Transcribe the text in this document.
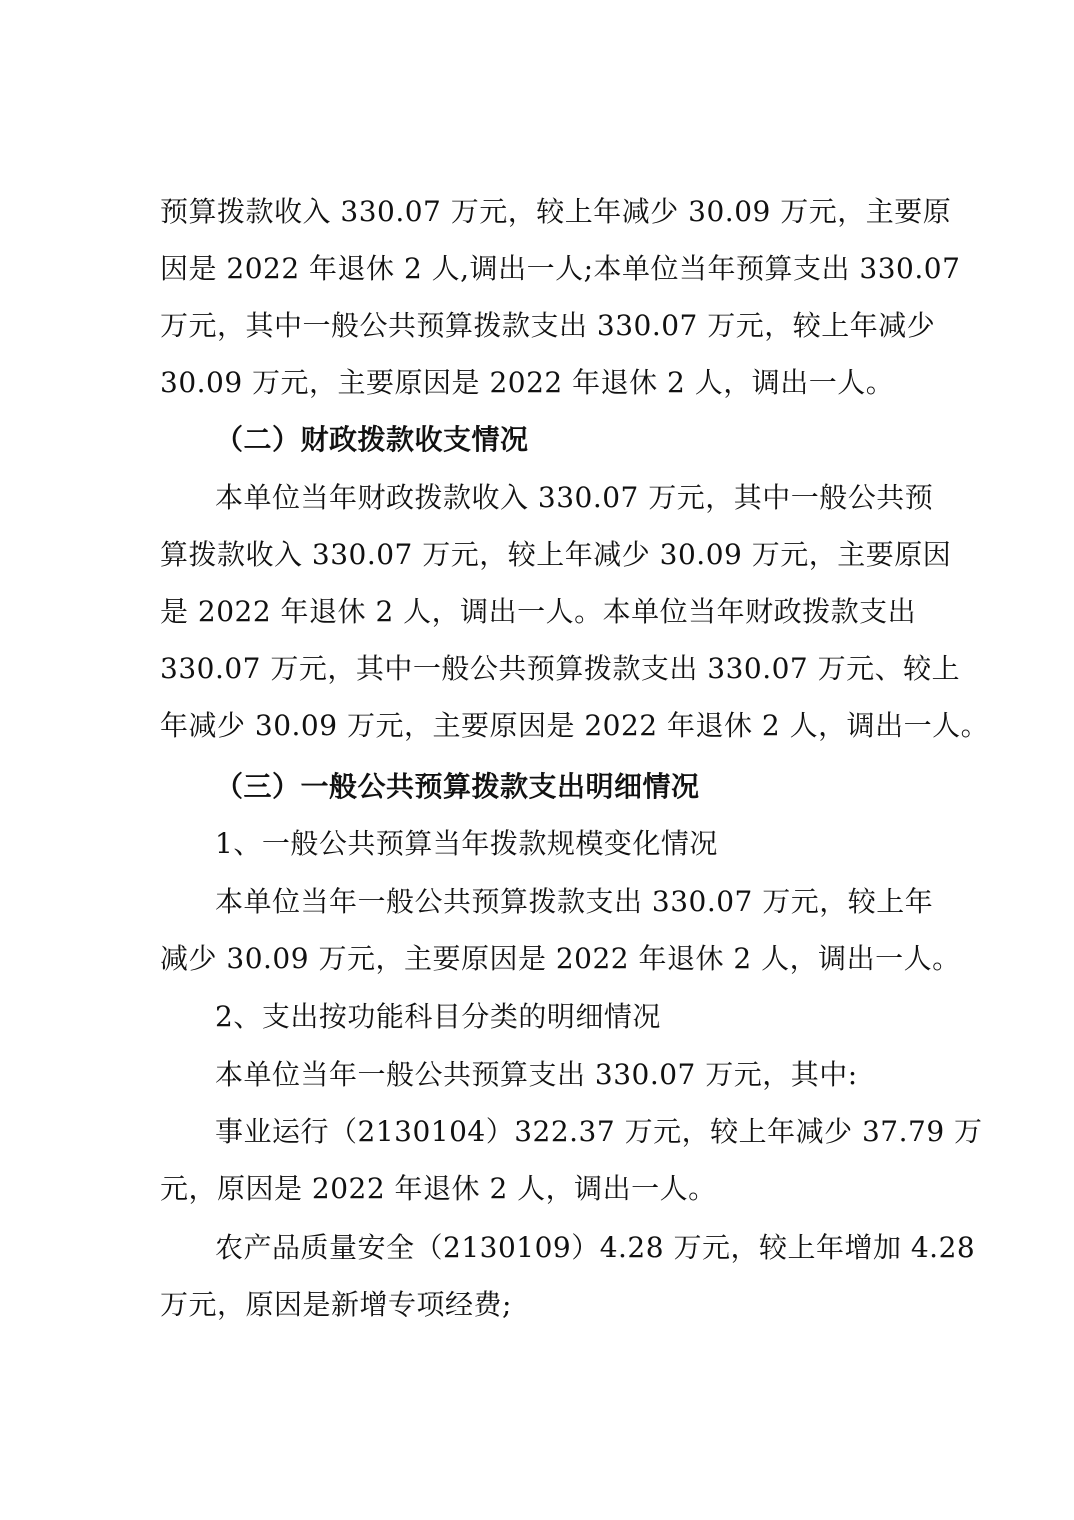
预算拨款收入 330.07 万元，较上年减少 30.09 万元，主要原
因是 2022 年退休 2 人,调出一人;本单位当年预算支出 330.07
万元，其中一般公共预算拨款支出 330.07 万元，较上年减少
30.09 万元，主要原因是 2022 年退休 2 人，调出一人。
（二）财政拨款收支情况
本单位当年财政拨款收入 330.07 万元，其中一般公共预
算拨款收入 330.07 万元，较上年减少 30.09 万元，主要原因
是 2022 年退休 2 人，调出一人。本单位当年财政拨款支出
330.07 万元，其中一般公共预算拨款支出 330.07 万元、较上
年减少 30.09 万元，主要原因是 2022 年退休 2 人，调出一人。
（三）一般公共预算拨款支出明细情况
1、一般公共预算当年拨款规模变化情况
本单位当年一般公共预算拨款支出 330.07 万元，较上年
减少 30.09 万元，主要原因是 2022 年退休 2 人，调出一人。
2、支出按功能科目分类的明细情况
本单位当年一般公共预算支出 330.07 万元，其中:
事业运行（2130104）322.37 万元，较上年减少 37.79 万
元，原因是 2022 年退休 2 人，调出一人。
农产品质量安全（2130109）4.28 万元，较上年增加 4.28
万元，原因是新增专项经费;
